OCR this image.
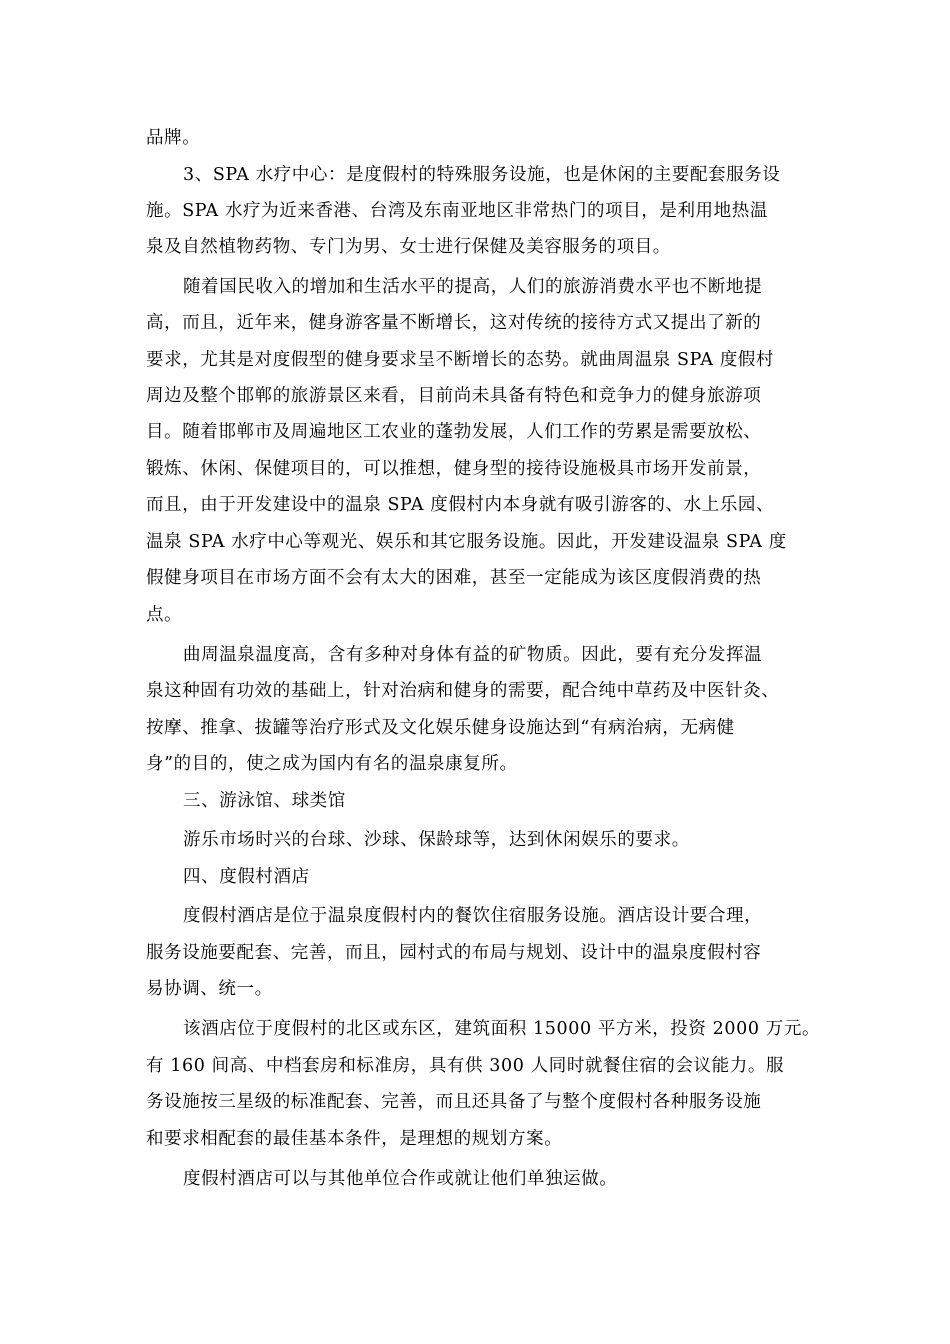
品牌。
3、SPA 水疗中心：是度假村的特殊服务设施，也是休闲的主要配套服务设
施。SPA 水疗为近来香港、台湾及东南亚地区非常热门的项目，是利用地热温
泉及自然植物药物、专门为男、女士进行保健及美容服务的项目。
随着国民收入的增加和生活水平的提高，人们的旅游消费水平也不断地提
高，而且，近年来，健身游客量不断增长，这对传统的接待方式又提出了新的
要求，尤其是对度假型的健身要求呈不断增长的态势。就曲周温泉 SPA 度假村
周边及整个邯郸的旅游景区来看，目前尚未具备有特色和竞争力的健身旅游项
目。随着邯郸市及周遍地区工农业的蓬勃发展，人们工作的劳累是需要放松、
锻炼、休闲、保健项目的，可以推想，健身型的接待设施极具市场开发前景，
而且，由于开发建设中的温泉 SPA 度假村内本身就有吸引游客的、水上乐园、
温泉 SPA 水疗中心等观光、娱乐和其它服务设施。因此，开发建设温泉 SPA 度
假健身项目在市场方面不会有太大的困难，甚至一定能成为该区度假消费的热
点。
曲周温泉温度高，含有多种对身体有益的矿物质。因此，要有充分发挥温
泉这种固有功效的基础上，针对治病和健身的需要，配合纯中草药及中医针灸、
按摩、推拿、拔罐等治疗形式及文化娱乐健身设施达到“有病治病，无病健
身”的目的，使之成为国内有名的温泉康复所。
三、游泳馆、球类馆
游乐市场时兴的台球、沙球、保龄球等，达到休闲娱乐的要求。
四、度假村酒店
度假村酒店是位于温泉度假村内的餐饮住宿服务设施。酒店设计要合理，
服务设施要配套、完善，而且，园村式的布局与规划、设计中的温泉度假村容
易协调、统一。
该酒店位于度假村的北区或东区，建筑面积 15000 平方米，投资 2000 万元。
有 160 间高、中档套房和标准房，具有供 300 人同时就餐住宿的会议能力。服
务设施按三星级的标准配套、完善，而且还具备了与整个度假村各种服务设施
和要求相配套的最佳基本条件，是理想的规划方案。
度假村酒店可以与其他单位合作或就让他们单独运做。
